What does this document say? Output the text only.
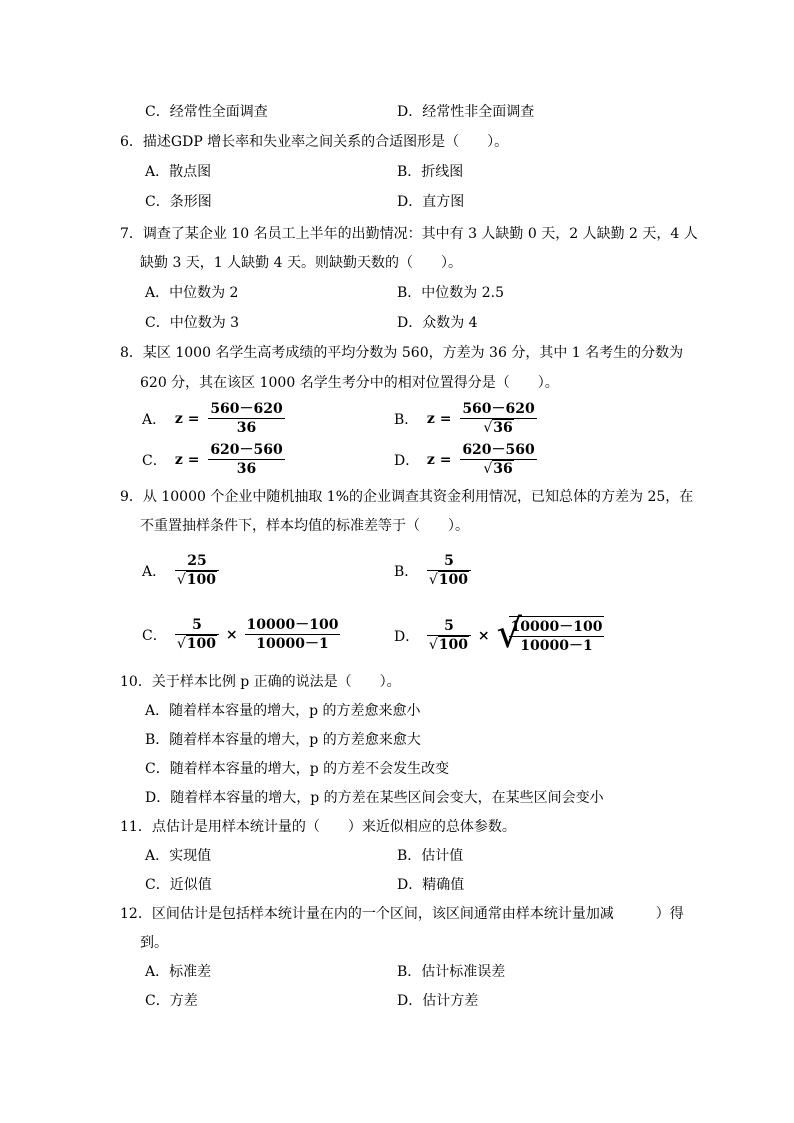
C．经常性全面调查	D．经常性非全面调查
6．描述GDP 增长率和失业率之间关系的合适图形是（　　）。
A．散点图	B．折线图
C．条形图	D．直方图
7．调查了某企业 10 名员工上半年的出勤情况：其中有 3 人缺勤 0 天，2 人缺勤 2 天，4 人
缺勤 3 天，1 人缺勤 4 天。则缺勤天数的（　　）。
A．中位数为 2	B．中位数为 2.5
C．中位数为 3	D．众数为 4
8．某区 1000 名学生高考成绩的平均分数为 560，方差为 36 分，其中 1 名考生的分数为
620 分，其在该区 1000 名学生考分中的相对位置得分是（　　）。
A． $z = \frac{560-620}{36}$	B． $z = \frac{560-620}{√36}$
C． $z = \frac{620-560}{36}$	D． $z = \frac{620-560}{√36}$
9．从 10000 个企业中随机抽取 1%的企业调查其资金利用情况，已知总体的方差为 25，在
不重置抽样条件下，样本均值的标准差等于（　　）。
A． $\frac{25}{√100}$	B． $\frac{5}{√100}$
C． $\frac{5}{√100} \times \frac{10000-100}{10000-1}$	D． $\frac{5}{√100}$ × √
$\frac{10000-100}{10000-1}$
10．关于样本比例 p 正确的说法是（　　）。
A．随着样本容量的增大，p 的方差愈来愈小
B．随着样本容量的增大，p 的方差愈来愈大
C．随着样本容量的增大，p 的方差不会发生改变
D．随着样本容量的增大，p 的方差在某些区间会变大，在某些区间会变小
11．点估计是用样本统计量的（　　）来近似相应的总体参数。
A．实现值	B．估计值
C．近似值	D．精确值
12．区间估计是包括样本统计量在内的一个区间，该区间通常由样本统计量加减　　　）得
到。
A．标准差	B．估计标准误差
C．方差	D．估计方差
